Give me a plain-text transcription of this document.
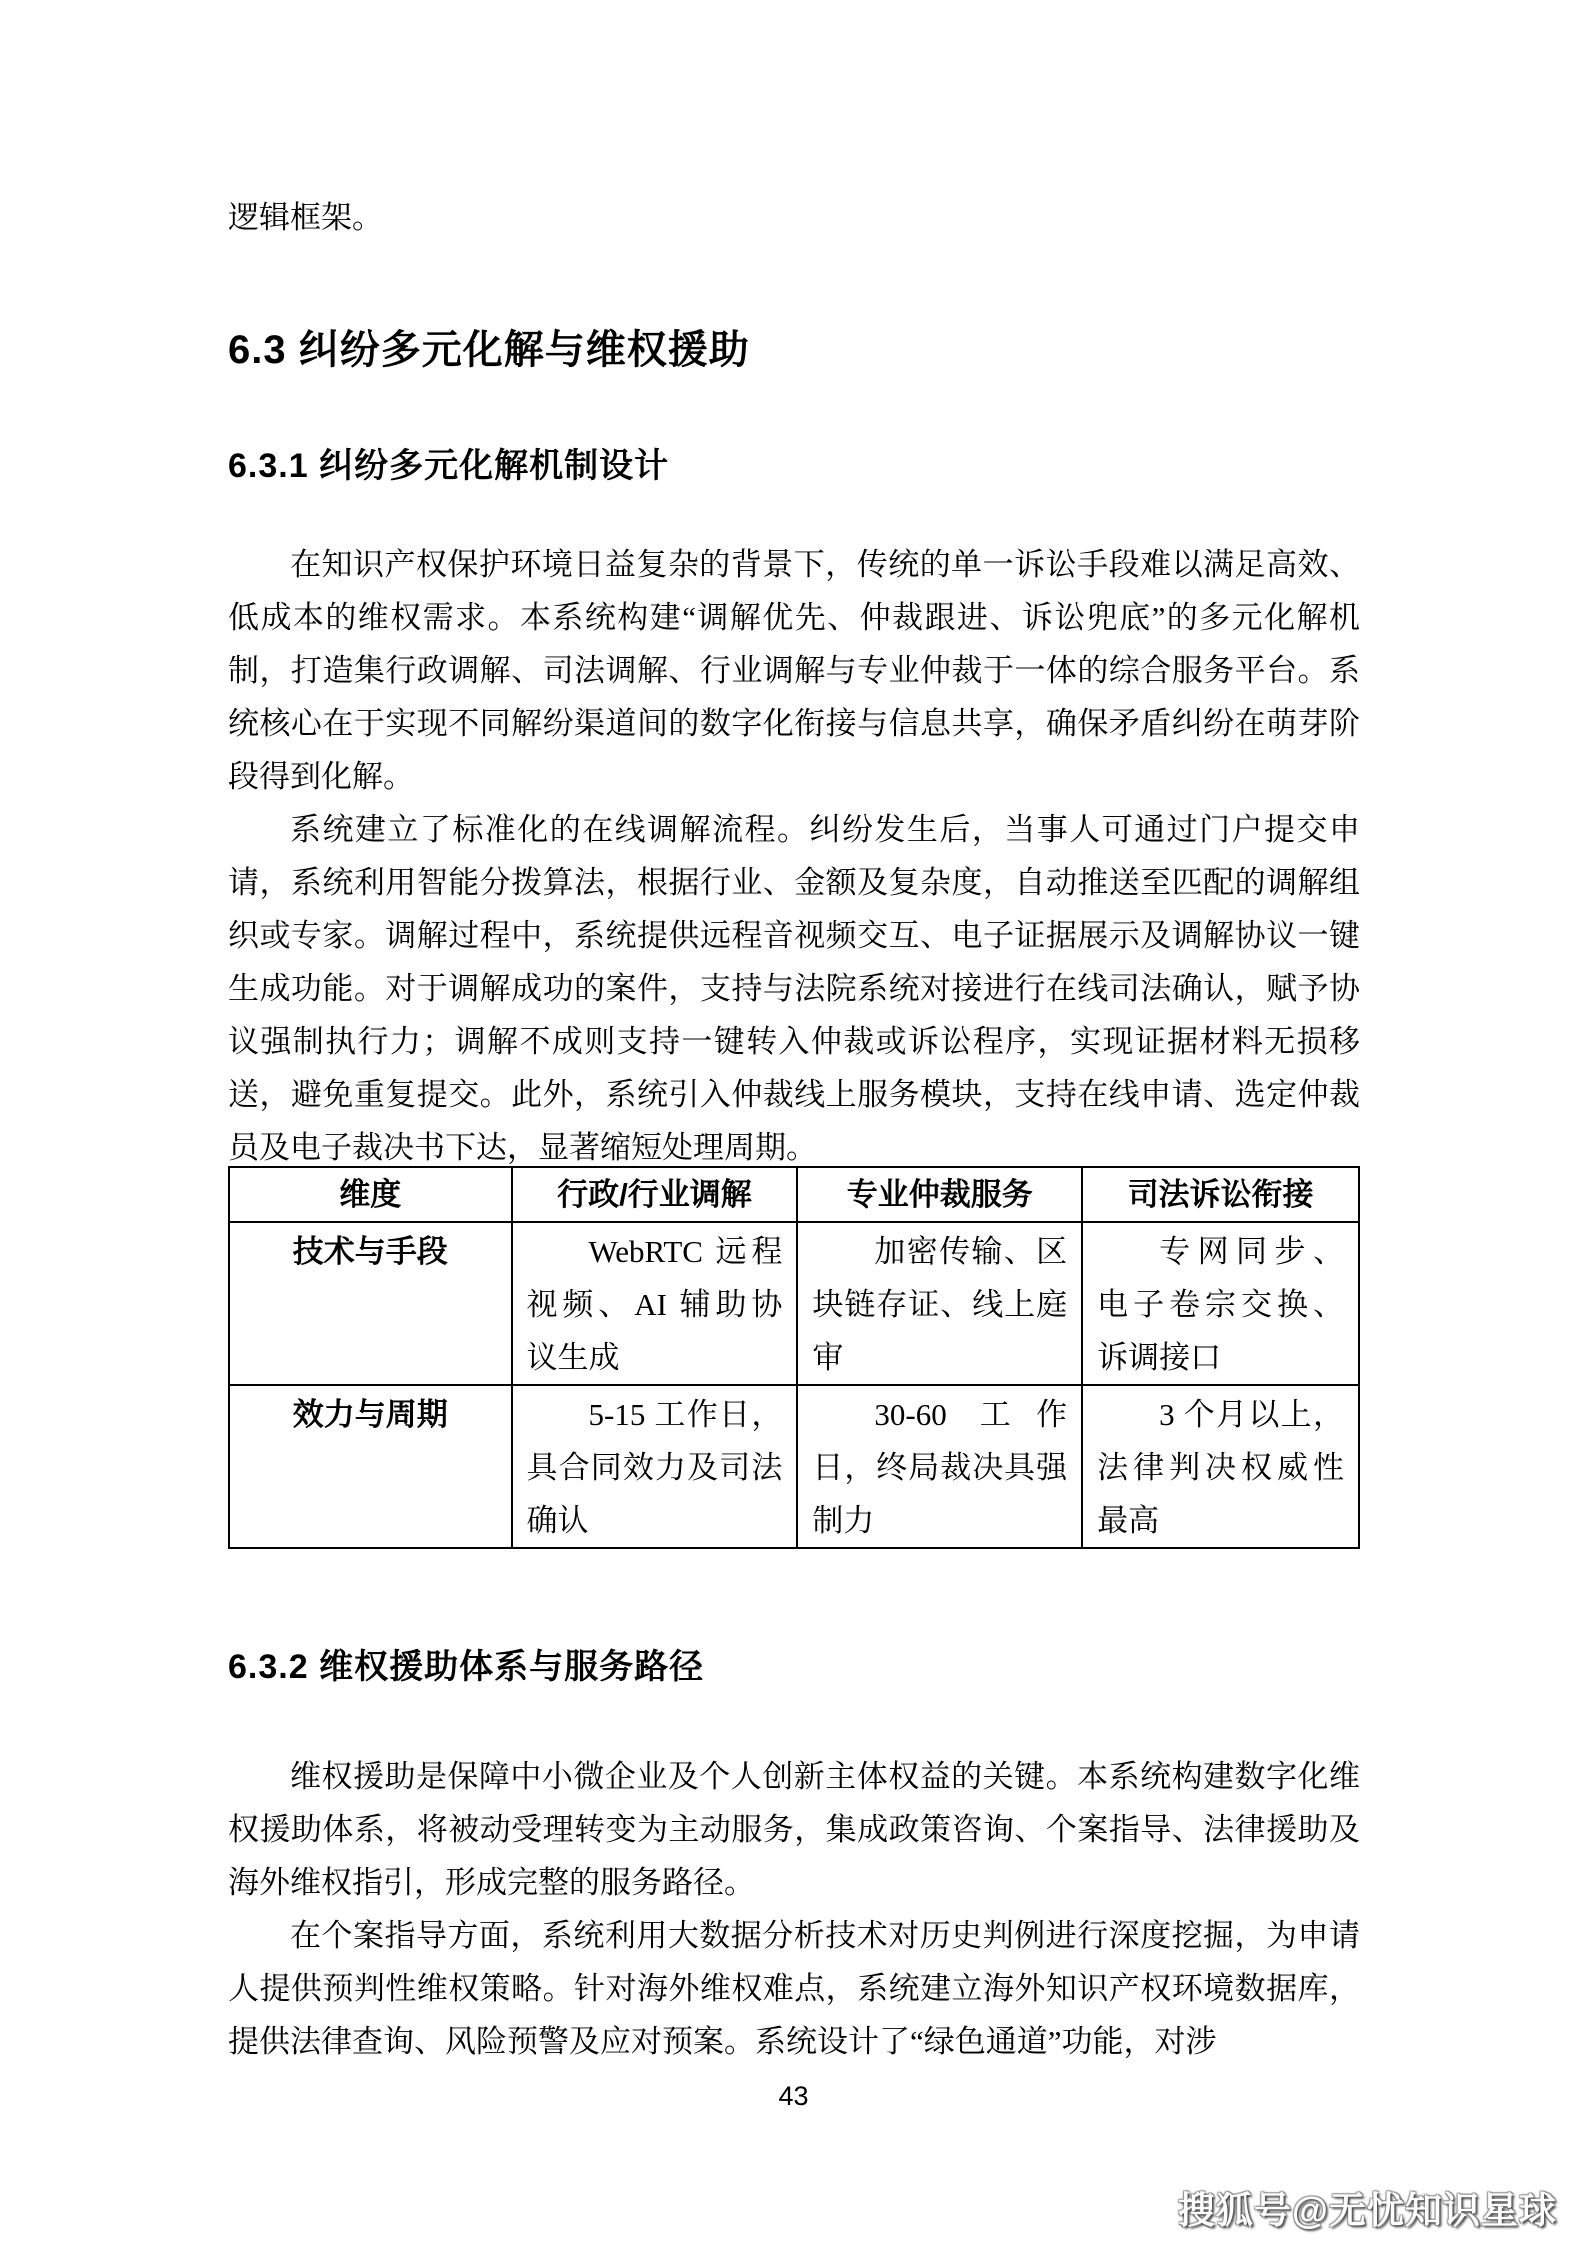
逻辑框架。

6.3 纠纷多元化解与维权援助
6.3.1 纠纷多元化解机制设计

在知识产权保护环境日益复杂的背景下，传统的单一诉讼手段难以满足高效、低成本的维权需求。本系统构建“调解优先、仲裁跟进、诉讼兜底”的多元化解机制，打造集行政调解、司法调解、行业调解与专业仲裁于一体的综合服务平台。系统核心在于实现不同解纷渠道间的数字化衔接与信息共享，确保矛盾纠纷在萌芽阶段得到化解。

系统建立了标准化的在线调解流程。纠纷发生后，当事人可通过门户提交申请，系统利用智能分拨算法，根据行业、金额及复杂度，自动推送至匹配的调解组织或专家。调解过程中，系统提供远程音视频交互、电子证据展示及调解协议一键生成功能。对于调解成功的案件，支持与法院系统对接进行在线司法确认，赋予协议强制执行力；调解不成则支持一键转入仲裁或诉讼程序，实现证据材料无损移送，避免重复提交。此外，系统引入仲裁线上服务模块，支持在线申请、选定仲裁员及电子裁决书下达，显著缩短处理周期。

维度	行政/行业调解	专业仲裁服务	司法诉讼衔接
技术与手段	WebRTC 远程视频、AI 辅助协议生成	加密传输、区块链存证、线上庭审	专网同步、电子卷宗交换、诉调接口
效力与周期	5-15 工作日，具合同效力及司法确认	30-60 工作日，终局裁决具强制力	3 个月以上，法律判决权威性最高
6.3.2 维权援助体系与服务路径

维权援助是保障中小微企业及个人创新主体权益的关键。本系统构建数字化维权援助体系，将被动受理转变为主动服务，集成政策咨询、个案指导、法律援助及海外维权指引，形成完整的服务路径。

在个案指导方面，系统利用大数据分析技术对历史判例进行深度挖掘，为申请人提供预判性维权策略。针对海外维权难点，系统建立海外知识产权环境数据库，提供法律查询、风险预警及应对预案。系统设计了“绿色通道”功能，对涉

43
搜狐号@无忧知识星球
